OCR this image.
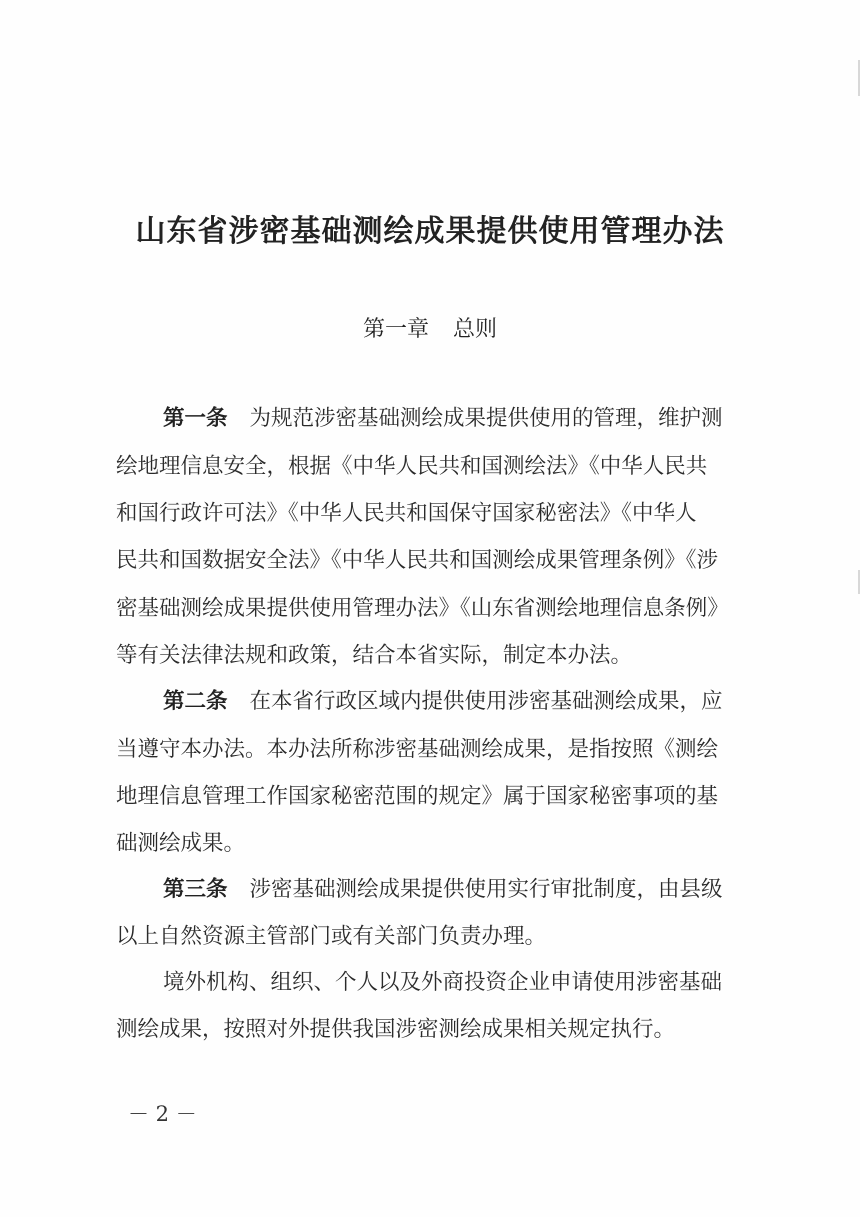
山东省涉密基础测绘成果提供使用管理办法
第一章 总则
第一条 为规范涉密基础测绘成果提供使用的管理，维护测
绘地理信息安全，根据《中华人民共和国测绘法》《中华人民共
和国行政许可法》《中华人民共和国保守国家秘密法》《中华人
民共和国数据安全法》《中华人民共和国测绘成果管理条例》《涉
密基础测绘成果提供使用管理办法》《山东省测绘地理信息条例》
等有关法律法规和政策，结合本省实际，制定本办法。
第二条 在本省行政区域内提供使用涉密基础测绘成果，应
当遵守本办法。本办法所称涉密基础测绘成果，是指按照《测绘
地理信息管理工作国家秘密范围的规定》属于国家秘密事项的基
础测绘成果。
第三条 涉密基础测绘成果提供使用实行审批制度，由县级
以上自然资源主管部门或有关部门负责办理。
境外机构、组织、个人以及外商投资企业申请使用涉密基础
测绘成果，按照对外提供我国涉密测绘成果相关规定执行。
－ 2 －
